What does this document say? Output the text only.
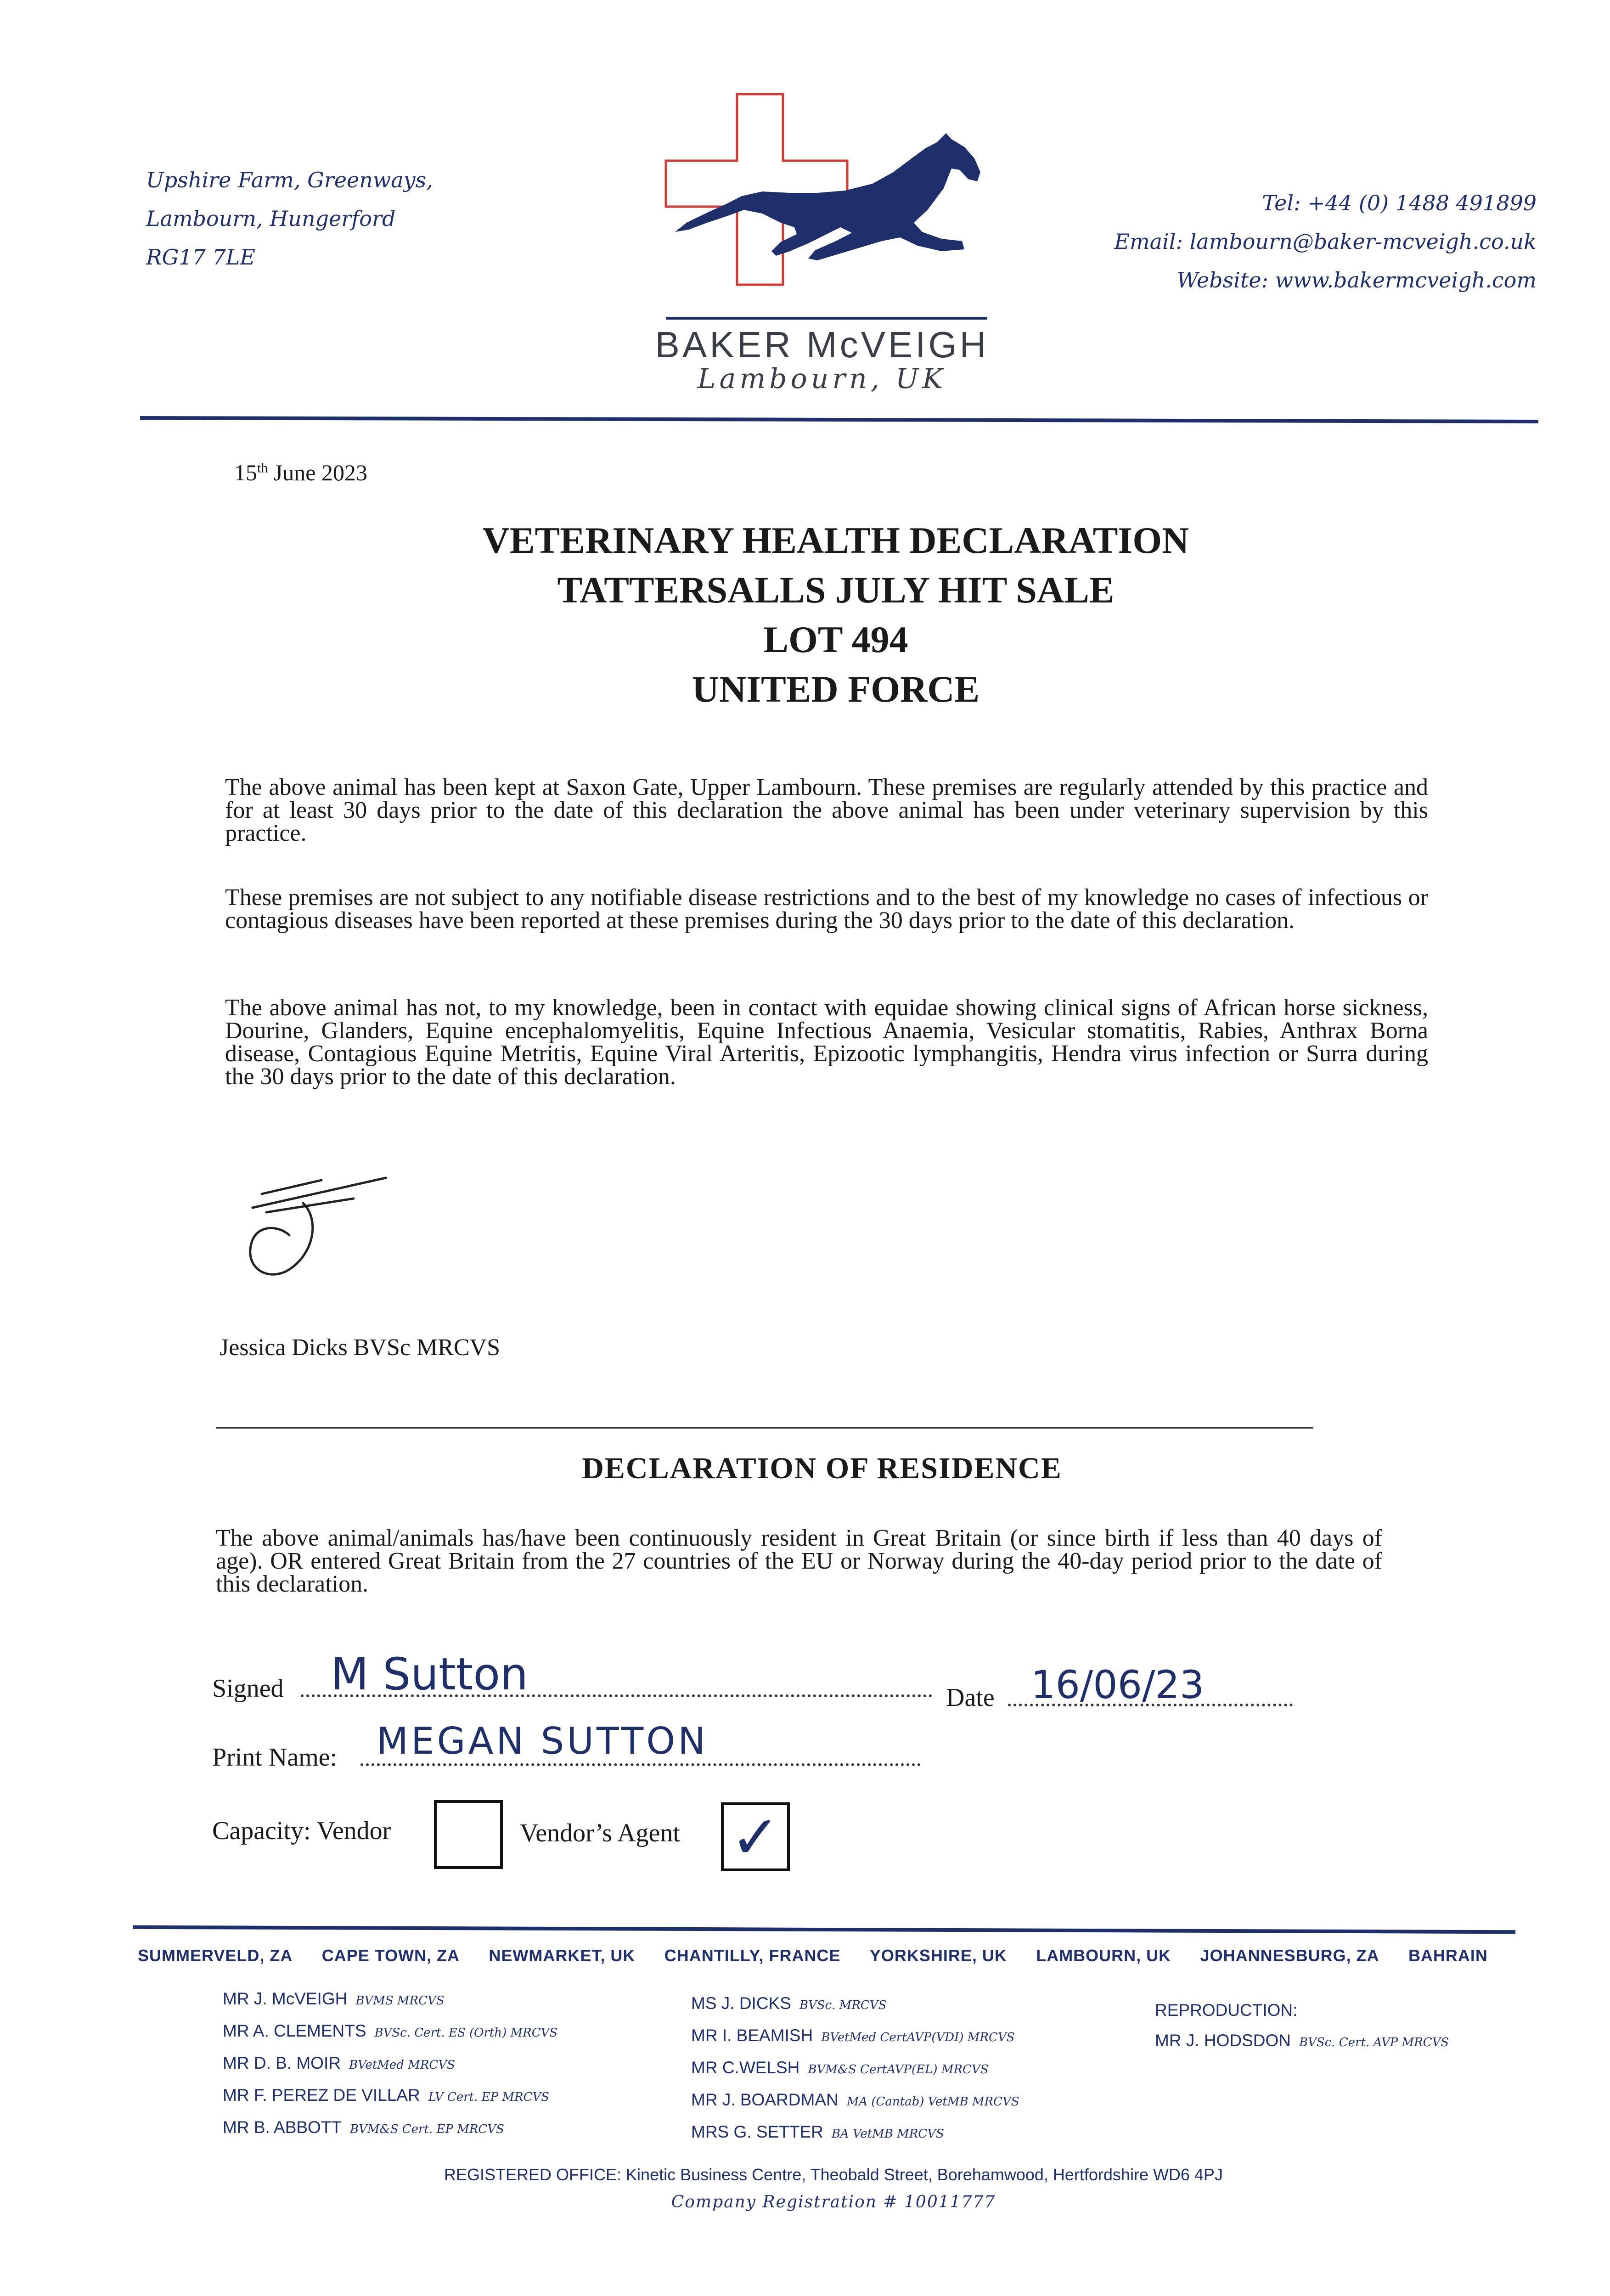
Upshire Farm, Greenways,
Lambourn, Hungerford
RG17 7LE
BAKER McVEIGH
Lambourn, UK
Tel: +44 (0) 1488 491899
Email: lambourn@baker-mcveigh.co.uk
Website: www.bakermcveigh.com
15th June 2023
VETERINARY HEALTH DECLARATION
TATTERSALLS JULY HIT SALE
LOT 494
UNITED FORCE
The above animal has been kept at Saxon Gate, Upper Lambourn. These premises are regularly attended by this practice and for at least 30 days prior to the date of this declaration the above animal has been under veterinary supervision by this practice.
These premises are not subject to any notifiable disease restrictions and to the best of my knowledge no cases of infectious or contagious diseases have been reported at these premises during the 30 days prior to the date of this declaration.
The above animal has not, to my knowledge, been in contact with equidae showing clinical signs of African horse sickness, Dourine, Glanders, Equine encephalomyelitis, Equine Infectious Anaemia, Vesicular stomatitis, Rabies, Anthrax Borna disease, Contagious Equine Metritis, Equine Viral Arteritis, Epizootic lymphangitis, Hendra virus infection or Surra during the 30 days prior to the date of this declaration.
Jessica Dicks BVSc MRCVS
DECLARATION OF RESIDENCE
The above animal/animals has/have been continuously resident in Great Britain (or since birth if less than 40 days of age). OR entered Great Britain from the 27 countries of the EU or Norway during the 40-day period prior to the date of this declaration.
Signed M Sutton	Date 16/06/23
Print Name: MEGAN SUTTON
Capacity: Vendor	Vendor’s Agent ✓
SUMMERVELD, ZA CAPE TOWN, ZA NEWMARKET, UK CHANTILLY, FRANCE YORKSHIRE, UK LAMBOURN, UK JOHANNESBURG, ZA BAHRAIN
MR J. McVEIGH BVMS MRCVS
MR A. CLEMENTS BVSc. Cert. ES (Orth) MRCVS
MR D. B. MOIR BVetMed MRCVS
MR F. PEREZ DE VILLAR LV Cert. EP MRCVS
MR B. ABBOTT BVM&S Cert. EP MRCVS
MS J. DICKS BVSc. MRCVS
MR I. BEAMISH BVetMed CertAVP(VDI) MRCVS
MR C.WELSH BVM&S CertAVP(EL) MRCVS
MR J. BOARDMAN MA (Cantab) VetMB MRCVS
MRS G. SETTER BA VetMB MRCVS
REPRODUCTION:
MR J. HODSDON BVSc. Cert. AVP MRCVS
REGISTERED OFFICE: Kinetic Business Centre, Theobald Street, Borehamwood, Hertfordshire WD6 4PJ
Company Registration # 10011777
